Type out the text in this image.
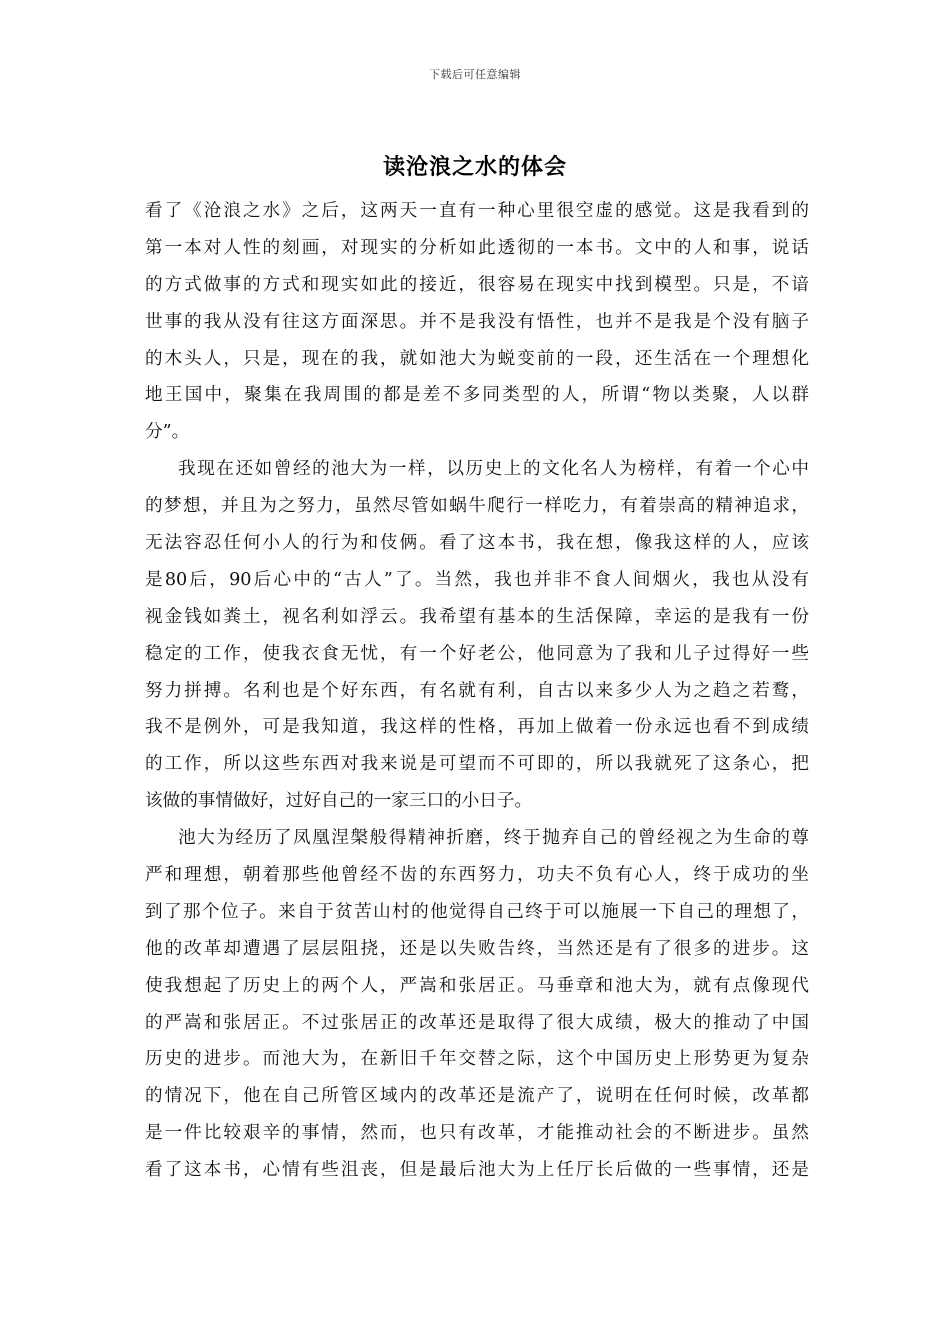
下载后可任意编辑
读沧浪之水的体会
看了《沧浪之水》之后，这两天一直有一种心里很空虚的感觉。这是我看到的
第一本对人性的刻画，对现实的分析如此透彻的一本书。文中的人和事，说话
的方式做事的方式和现实如此的接近，很容易在现实中找到模型。只是，不谙
世事的我从没有往这方面深思。并不是我没有悟性，也并不是我是个没有脑子
的木头人，只是，现在的我，就如池大为蜕变前的一段，还生活在一个理想化
地王国中，聚集在我周围的都是差不多同类型的人，所谓“物以类聚，人以群
分”。
我现在还如曾经的池大为一样，以历史上的文化名人为榜样，有着一个心中
的梦想，并且为之努力，虽然尽管如蜗牛爬行一样吃力，有着崇高的精神追求，
无法容忍任何小人的行为和伎俩。看了这本书，我在想，像我这样的人，应该
是80后，90后心中的“古人”了。当然，我也并非不食人间烟火，我也从没有
视金钱如粪土，视名利如浮云。我希望有基本的生活保障，幸运的是我有一份
稳定的工作，使我衣食无忧，有一个好老公，他同意为了我和儿子过得好一些
努力拼搏。名利也是个好东西，有名就有利，自古以来多少人为之趋之若鹜，
我不是例外，可是我知道，我这样的性格，再加上做着一份永远也看不到成绩
的工作，所以这些东西对我来说是可望而不可即的，所以我就死了这条心，把
该做的事情做好，过好自己的一家三口的小日子。
池大为经历了凤凰涅槃般得精神折磨，终于抛弃自己的曾经视之为生命的尊
严和理想，朝着那些他曾经不齿的东西努力，功夫不负有心人，终于成功的坐
到了那个位子。来自于贫苦山村的他觉得自己终于可以施展一下自己的理想了，
他的改革却遭遇了层层阻挠，还是以失败告终，当然还是有了很多的进步。这
使我想起了历史上的两个人，严嵩和张居正。马垂章和池大为，就有点像现代
的严嵩和张居正。不过张居正的改革还是取得了很大成绩，极大的推动了中国
历史的进步。而池大为，在新旧千年交替之际，这个中国历史上形势更为复杂
的情况下，他在自己所管区域内的改革还是流产了，说明在任何时候，改革都
是一件比较艰辛的事情，然而，也只有改革，才能推动社会的不断进步。虽然
看了这本书，心情有些沮丧，但是最后池大为上任厅长后做的一些事情，还是
